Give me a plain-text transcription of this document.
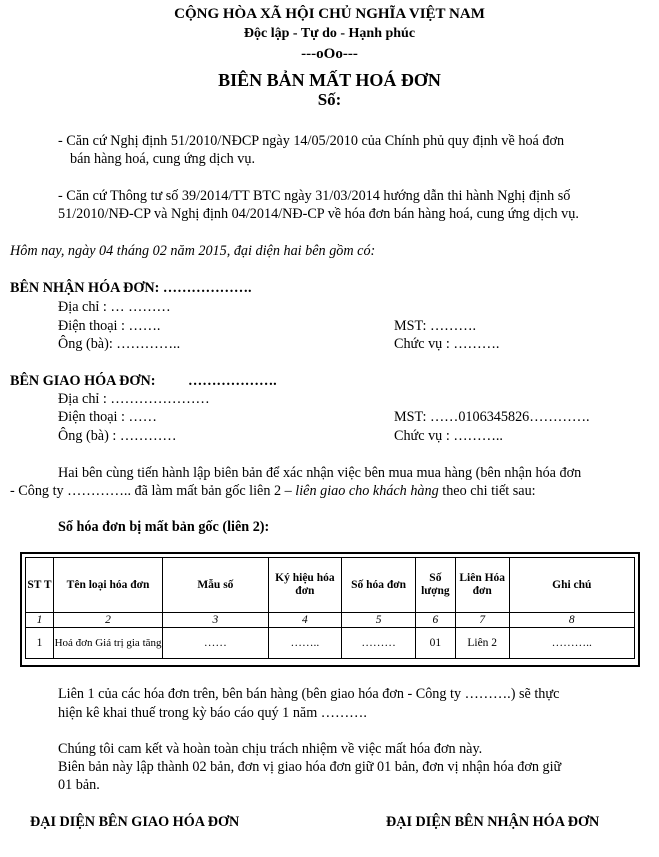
CỘNG HÒA XÃ HỘI CHỦ NGHĨA VIỆT NAM
Độc lập - Tự do - Hạnh phúc
---oOo---
BIÊN BẢN MẤT HOÁ ĐƠN
Số:
- Căn cứ Nghị định 51/2010/NĐCP ngày 14/05/2010 của Chính phủ quy định về hoá đơn
bán hàng hoá, cung ứng dịch vụ.
- Căn cứ Thông tư số 39/2014/TT BTC ngày 31/03/2014 hướng dẫn thi hành Nghị định số
51/2010/NĐ-CP và Nghị định 04/2014/NĐ-CP về hóa đơn bán hàng hoá, cung ứng dịch vụ.
Hôm nay, ngày 04 tháng 02 năm 2015, đại diện hai bên gồm có:
BÊN NHẬN HÓA ĐƠN: ……………….
Địa chỉ : … ………
Điện thoại : …….	MST: ……….
Ông (bà): …………..	Chức vụ : ……….
BÊN GIAO HÓA ĐƠN: ……………….
Địa chỉ : …………………
Điện thoại : ……	MST: ……0106345826………….
Ông (bà) : …………	Chức vụ : ………..
Hai bên cùng tiến hành lập biên bản để xác nhận việc bên mua mua hàng (bên nhận hóa đơn
- Công ty ………….. đã làm mất bản gốc liên 2 – liên giao cho khách hàng theo chi tiết sau:
Số hóa đơn bị mất bản gốc (liên 2):
ST T	Tên loại hóa đơn	Mẫu số	Ký hiệu hóa đơn	Số hóa đơn	Số lượng	Liên Hóa đơn	Ghi chú
1	2	3	4	5	6	7	8
1	Hoá đơn Giá trị gia tăng	……	……..	………	01	Liên 2	………..
Liên 1 của các hóa đơn trên, bên bán hàng (bên giao hóa đơn - Công ty ……….) sẽ thực
hiện kê khai thuế trong kỳ báo cáo quý 1 năm ……….
Chúng tôi cam kết và hoàn toàn chịu trách nhiệm về việc mất hóa đơn này.
Biên bản này lập thành 02 bản, đơn vị giao hóa đơn giữ 01 bản, đơn vị nhận hóa đơn giữ
01 bản.
ĐẠI DIỆN BÊN GIAO HÓA ĐƠN	ĐẠI DIỆN BÊN NHẬN HÓA ĐƠN
